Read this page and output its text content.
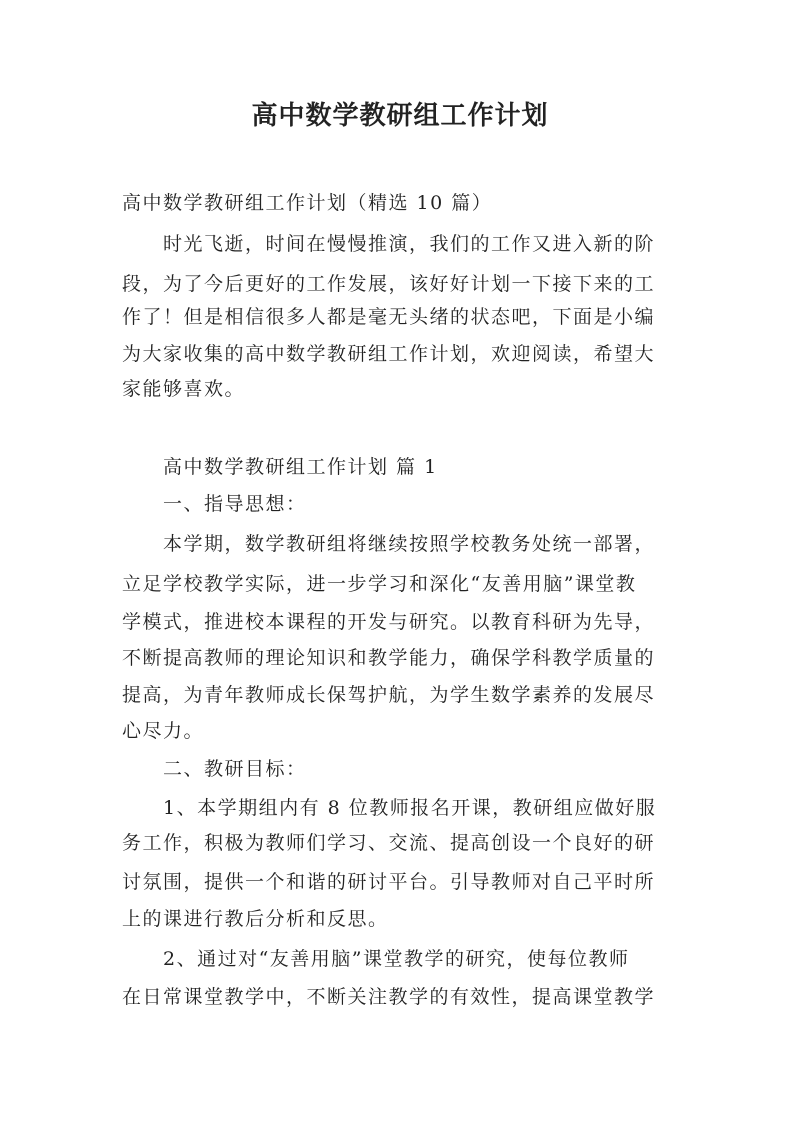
高中数学教研组工作计划
高中数学教研组工作计划（精选 10 篇）
时光飞逝，时间在慢慢推演，我们的工作又进入新的阶
段，为了今后更好的工作发展，该好好计划一下接下来的工
作了！但是相信很多人都是毫无头绪的状态吧，下面是小编
为大家收集的高中数学教研组工作计划，欢迎阅读，希望大
家能够喜欢。
高中数学教研组工作计划 篇 1
一、指导思想：
本学期，数学教研组将继续按照学校教务处统一部署，
立足学校教学实际，进一步学习和深化“友善用脑”课堂教
学模式，推进校本课程的开发与研究。以教育科研为先导，
不断提高教师的理论知识和教学能力，确保学科教学质量的
提高，为青年教师成长保驾护航，为学生数学素养的发展尽
心尽力。
二、教研目标：
1、本学期组内有 8 位教师报名开课，教研组应做好服
务工作，积极为教师们学习、交流、提高创设一个良好的研
讨氛围，提供一个和谐的研讨平台。引导教师对自己平时所
上的课进行教后分析和反思。
2、通过对“友善用脑”课堂教学的研究，使每位教师
在日常课堂教学中，不断关注教学的有效性，提高课堂教学
